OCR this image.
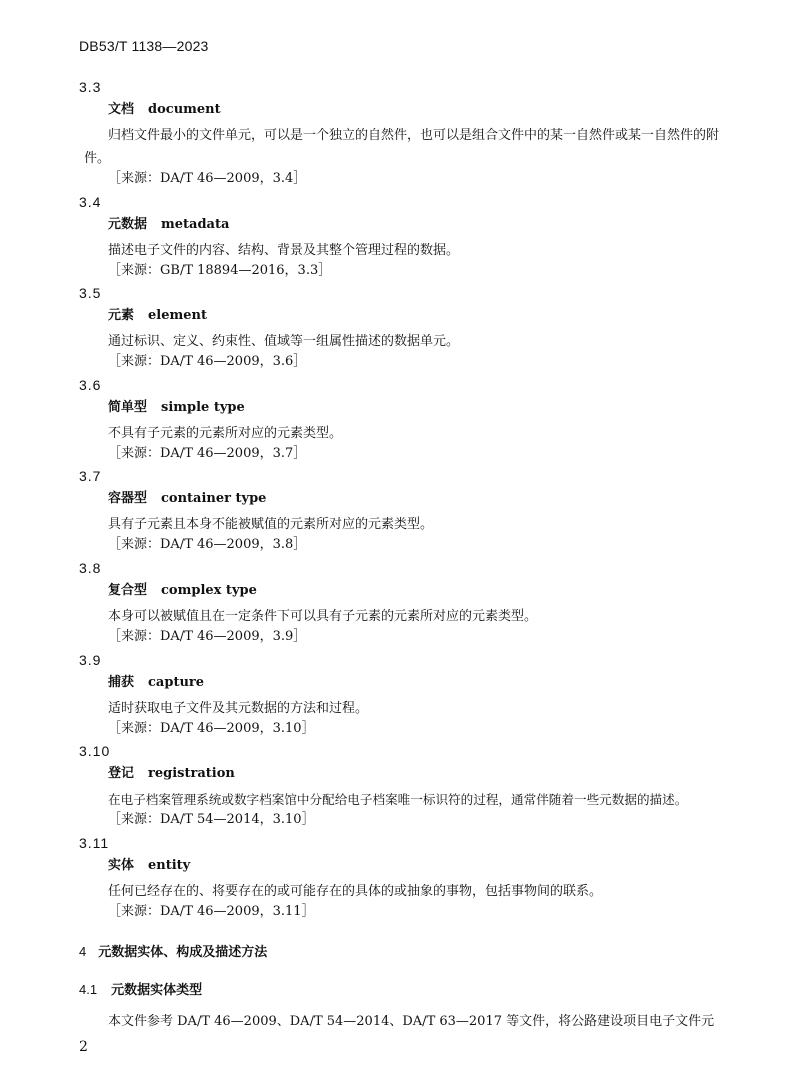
DB53/T 1138—2023
3.3
文档 document
归档文件最小的文件单元，可以是一个独立的自然件，也可以是组合文件中的某一自然件或某一自然件的附件。
［来源：DA/T 46—2009，3.4］
3.4
元数据 metadata
描述电子文件的内容、结构、背景及其整个管理过程的数据。
［来源：GB/T 18894—2016，3.3］
3.5
元素 element
通过标识、定义、约束性、值域等一组属性描述的数据单元。
［来源：DA/T 46—2009，3.6］
3.6
简单型 simple type
不具有子元素的元素所对应的元素类型。
［来源：DA/T 46—2009，3.7］
3.7
容器型 container type
具有子元素且本身不能被赋值的元素所对应的元素类型。
［来源：DA/T 46—2009，3.8］
3.8
复合型 complex type
本身可以被赋值且在一定条件下可以具有子元素的元素所对应的元素类型。
［来源：DA/T 46—2009，3.9］
3.9
捕获 capture
适时获取电子文件及其元数据的方法和过程。
［来源：DA/T 46—2009，3.10］
3.10
登记 registration
在电子档案管理系统或数字档案馆中分配给电子档案唯一标识符的过程，通常伴随着一些元数据的描述。
［来源：DA/T 54—2014，3.10］
3.11
实体 entity
任何已经存在的、将要存在的或可能存在的具体的或抽象的事物，包括事物间的联系。
［来源：DA/T 46—2009，3.11］
4 元数据实体、构成及描述方法
4.1 元数据实体类型
本文件参考 DA/T 46—2009、DA/T 54—2014、DA/T 63—2017 等文件，将公路建设项目电子文件元
2
